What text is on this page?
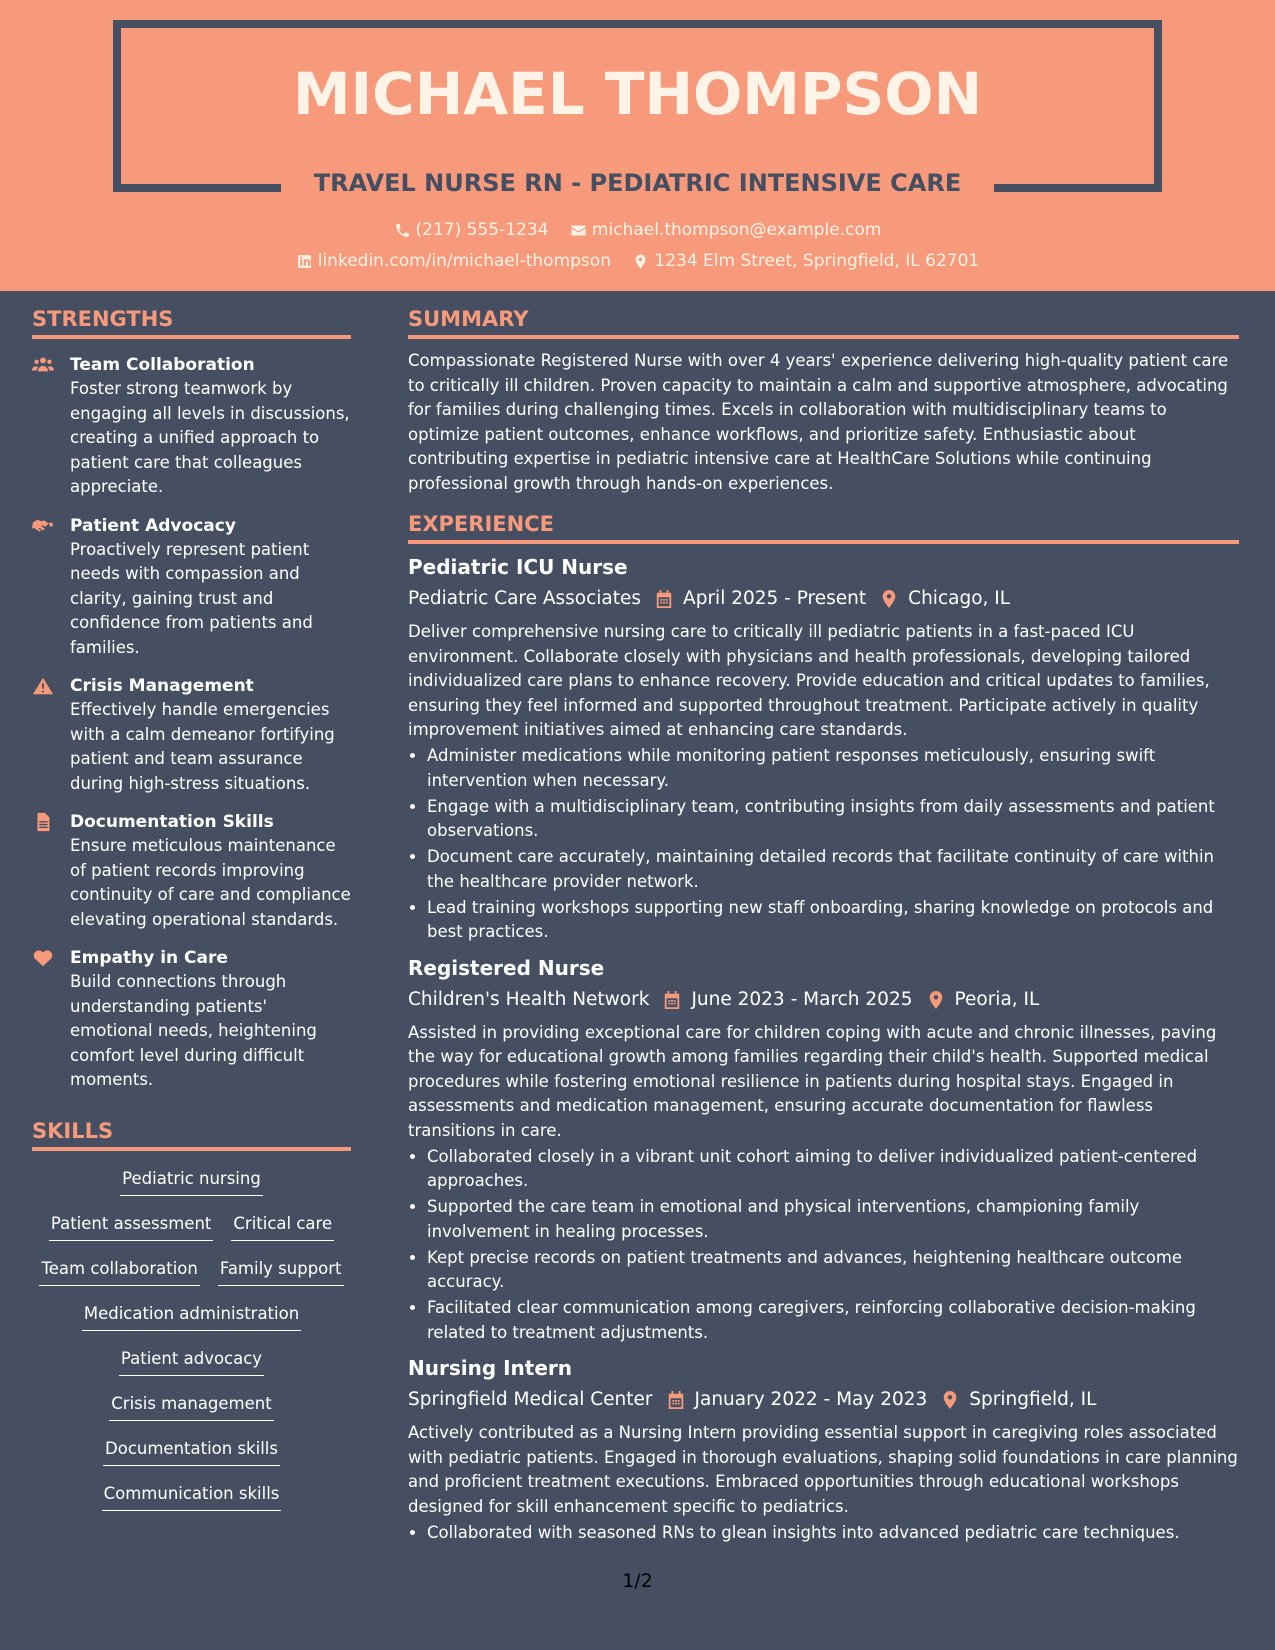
MICHAEL THOMPSON
TRAVEL NURSE RN - PEDIATRIC INTENSIVE CARE
(217) 555-1234
	michael.thompson@example.com
linkedin.com/in/michael-thompson
	1234 Elm Street, Springfield, IL 62701
STRENGTHS
Team Collaboration
Foster strong teamwork by engaging all levels in discussions, creating a unified approach to patient care that colleagues appreciate.
Patient Advocacy
Proactively represent patient needs with compassion and clarity, gaining trust and confidence from patients and families.
Crisis Management
Effectively handle emergencies with a calm demeanor fortifying patient and team assurance during high-stress situations.
Documentation Skills
Ensure meticulous maintenance of patient records improving continuity of care and compliance elevating operational standards.
Empathy in Care
Build connections through understanding patients' emotional needs, heightening comfort level during difficult moments.
SKILLS
Pediatric nursing
Patient assessment Critical care
Team collaboration Family support
Medication administration
Patient advocacy
Crisis management
Documentation skills
Communication skills
SUMMARY
Compassionate Registered Nurse with over 4 years' experience delivering high-quality patient care to critically ill children. Proven capacity to maintain a calm and supportive atmosphere, advocating for families during challenging times. Excels in collaboration with multidisciplinary teams to optimize patient outcomes, enhance workflows, and prioritize safety. Enthusiastic about contributing expertise in pediatric intensive care at HealthCare Solutions while continuing professional growth through hands-on experiences.
EXPERIENCE
Pediatric ICU Nurse
Pediatric Care Associates April 2025 - Present Chicago, IL
Deliver comprehensive nursing care to critically ill pediatric patients in a fast-paced ICU environment. Collaborate closely with physicians and health professionals, developing tailored individualized care plans to enhance recovery. Provide education and critical updates to families, ensuring they feel informed and supported throughout treatment. Participate actively in quality improvement initiatives aimed at enhancing care standards.
• Administer medications while monitoring patient responses meticulously, ensuring swift intervention when necessary.
• Engage with a multidisciplinary team, contributing insights from daily assessments and patient observations.
• Document care accurately, maintaining detailed records that facilitate continuity of care within the healthcare provider network.
• Lead training workshops supporting new staff onboarding, sharing knowledge on protocols and best practices.
Registered Nurse
Children's Health Network June 2023 - March 2025 Peoria, IL
Assisted in providing exceptional care for children coping with acute and chronic illnesses, paving the way for educational growth among families regarding their child's health. Supported medical procedures while fostering emotional resilience in patients during hospital stays. Engaged in assessments and medication management, ensuring accurate documentation for flawless transitions in care.
• Collaborated closely in a vibrant unit cohort aiming to deliver individualized patient-centered approaches.
• Supported the care team in emotional and physical interventions, championing family involvement in healing processes.
• Kept precise records on patient treatments and advances, heightening healthcare outcome accuracy.
• Facilitated clear communication among caregivers, reinforcing collaborative decision-making related to treatment adjustments.
Nursing Intern
Springfield Medical Center January 2022 - May 2023 Springfield, IL
Actively contributed as a Nursing Intern providing essential support in caregiving roles associated with pediatric patients. Engaged in thorough evaluations, shaping solid foundations in care planning and proficient treatment executions. Embraced opportunities through educational workshops designed for skill enhancement specific to pediatrics.
• Collaborated with seasoned RNs to glean insights into advanced pediatric care techniques.
1/2
